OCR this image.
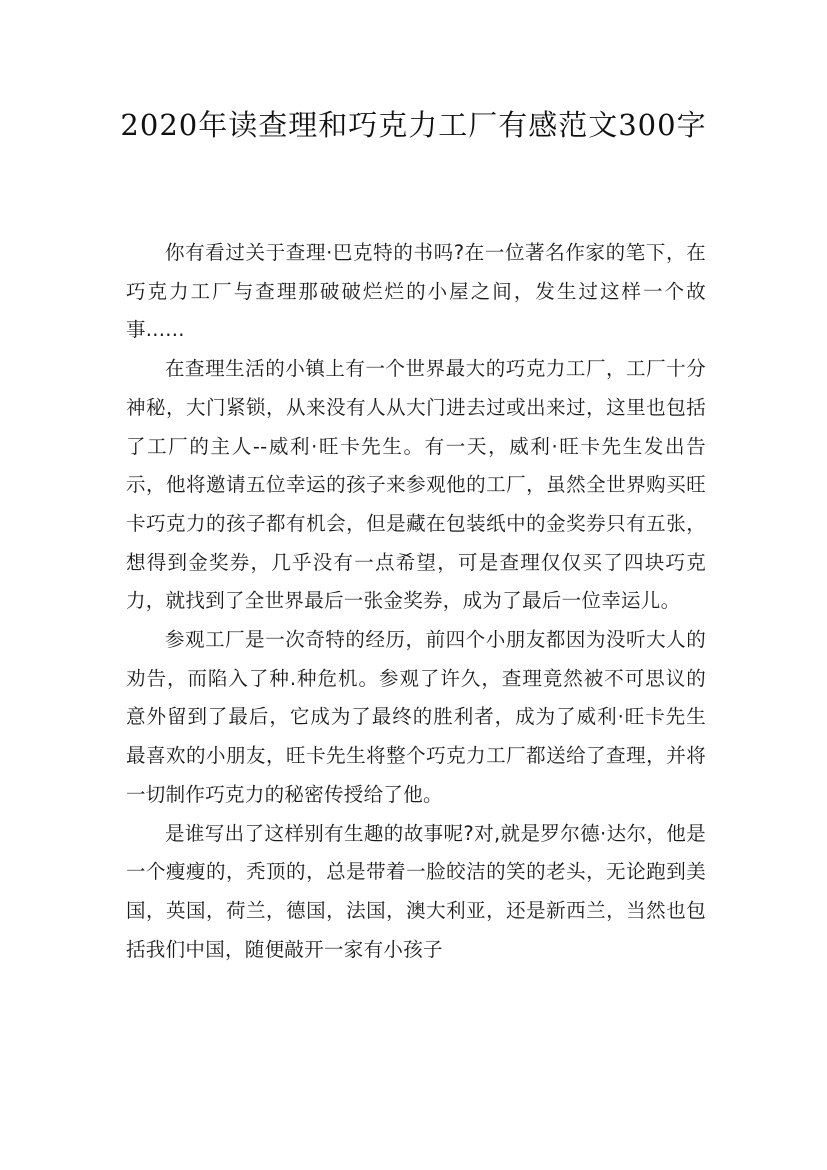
2020年读查理和巧克力工厂有感范文300字

你有看过关于查理·巴克特的书吗?在一位著名作家的笔下，在巧克力工厂与查理那破破烂烂的小屋之间，发生过这样一个故事......

在查理生活的小镇上有一个世界最大的巧克力工厂，工厂十分神秘，大门紧锁，从来没有人从大门进去过或出来过，这里也包括了工厂的主人--威利·旺卡先生。有一天，威利·旺卡先生发出告示，他将邀请五位幸运的孩子来参观他的工厂，虽然全世界购买旺卡巧克力的孩子都有机会，但是藏在包装纸中的金奖券只有五张，想得到金奖券，几乎没有一点希望，可是查理仅仅买了四块巧克力，就找到了全世界最后一张金奖券，成为了最后一位幸运儿。

参观工厂是一次奇特的经历，前四个小朋友都因为没听大人的劝告，而陷入了种.种危机。参观了许久，查理竟然被不可思议的意外留到了最后，它成为了最终的胜利者，成为了威利·旺卡先生最喜欢的小朋友，旺卡先生将整个巧克力工厂都送给了查理，并将一切制作巧克力的秘密传授给了他。

是谁写出了这样别有生趣的故事呢?对,就是罗尔德·达尔，他是一个瘦瘦的，秃顶的，总是带着一脸皎洁的笑的老头，无论跑到美国，英国，荷兰，德国，法国，澳大利亚，还是新西兰，当然也包括我们中国，随便敲开一家有小孩子
